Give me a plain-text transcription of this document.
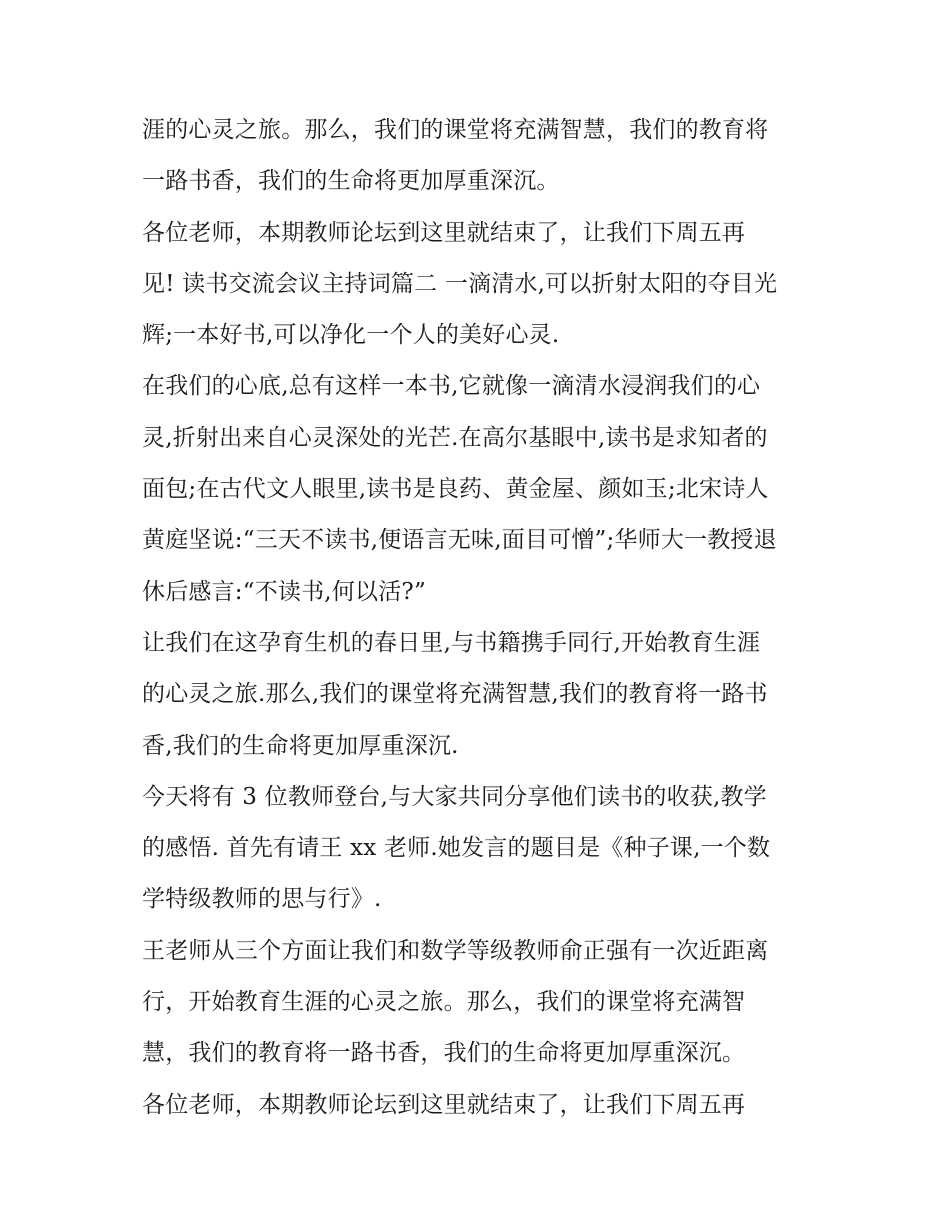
涯的心灵之旅。那么，我们的课堂将充满智慧，我们的教育将
一路书香，我们的生命将更加厚重深沉。
各位老师，本期教师论坛到这里就结束了，让我们下周五再
见! 读书交流会议主持词篇二 一滴清水,可以折射太阳的夺目光
辉;一本好书,可以净化一个人的美好心灵.
在我们的心底,总有这样一本书,它就像一滴清水浸润我们的心
灵,折射出来自心灵深处的光芒.在高尔基眼中,读书是求知者的
面包;在古代文人眼里,读书是良药、黄金屋、颜如玉;北宋诗人
黄庭坚说:“三天不读书,便语言无味,面目可憎”;华师大一教授退
休后感言:“不读书,何以活?”
让我们在这孕育生机的春日里,与书籍携手同行,开始教育生涯
的心灵之旅.那么,我们的课堂将充满智慧,我们的教育将一路书
香,我们的生命将更加厚重深沉.
今天将有 3 位教师登台,与大家共同分享他们读书的收获,教学
的感悟. 首先有请王 xx 老师.她发言的题目是《种子课,一个数
学特级教师的思与行》.
王老师从三个方面让我们和数学等级教师俞正强有一次近距离
行，开始教育生涯的心灵之旅。那么，我们的课堂将充满智
慧，我们的教育将一路书香，我们的生命将更加厚重深沉。
各位老师，本期教师论坛到这里就结束了，让我们下周五再
